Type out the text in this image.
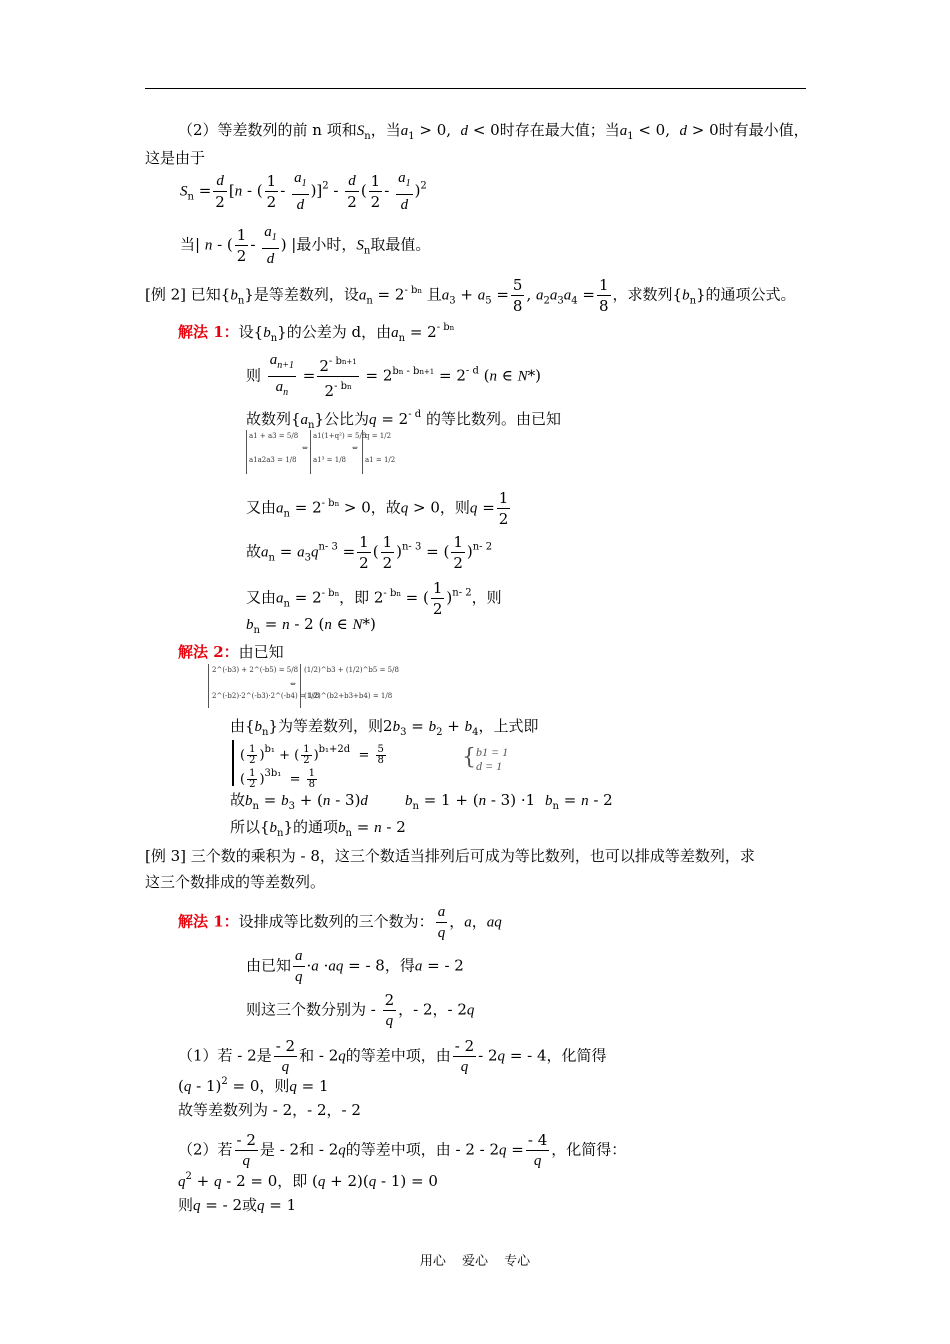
（2）等差数列的前 n 项和$S_n$，当$a_1 > 0$,  d < 0时存在最大值；当$a_1 < 0$,  d > 0时有最小值，
这是由于
$S_n = \frac{d}{2} [n$ - ( $\frac{1}{2} - \frac{a_1}{d} )]^2 - \frac{d}{2}$ ( $\frac{1}{2} - \frac{a_1}{d} )^2$
当| n - ( $\frac{1}{2} - \frac{a_1}{d}$ ) |最小时，$S_n$取最值。
[例 2] 已知$\{b_n\}$是等差数列，设$a_n = 2^{- bn}$ 且$a_3 + a_5 = \frac{5}{8}$ , $a_2a_3a_4 = \frac{1}{8}$ ，求数列$\{b_n\}$的通项公式。
解法 1：设$\{b_n\}$的公差为 d，由$a_n = 2^{- bn}$
则 $\frac{a_{n+1}}{a_n} = \frac{2^{- bn+1}}{2^{- bn}} = 2^{bn - bn+1} = 2^{- d}$ (n ∈ N*)
故数列$\{a_n\}$公比为$q = 2^{- d}$ 的等比数列。由已知
a1 + a3 = 5/8
a1a2a3 = 1/8
⇔
a1(1+q²) = 5/8
a1³ = 1/8
⇔
q = 1/2
a1 = 1/2
又由$a_n = 2^{- bn} > 0$，故q > 0，则$q = \frac{1}{2}$
故$a_n = a_3q^{n- 3} = \frac{1}{2}$ ( $\frac{1}{2} )^{n- 3}$ = ( $\frac{1}{2} )^{n- 2}$
又由$a_n = 2^{- bn}$，即 $2^{- bn}$ = ( $\frac{1}{2} )^{n- 2}$，则
$b_n = n - 2$ (n ∈ N*)
解法 2：由已知
2^(-b3) + 2^(-b5) = 5/8
2^(-b2)·2^(-b3)·2^(-b4) = 1/8
⇔
(1/2)^b3 + (1/2)^b5 = 5/8
(1/2)^(b2+b3+b4) = 1/8
由$\{b_n\}$为等差数列，则$2b_3 = b_2 + b_4$，上式即
( $\frac{1}{2} )^{b_1}$ + ( $\frac{1}{2} )^{b_1+2d} = \frac{5}{8}$
( $\frac{1}{2} )^{3b_1} = \frac{1}{8}$
{ b1 = 1
d = 1
故$b_n = b_3 + (n - 3)d$ $b_n = 1 + (n - 3) \cdot 1$ $b_n = n - 2$
所以$\{b_n\}$的通项$b_n = n - 2$
[例 3] 三个数的乘积为 - 8，这三个数适当排列后可成为等比数列，也可以排成等差数列，求
这三个数排成的等差数列。
解法 1：设排成等比数列的三个数为： $\frac{a}{q}$ ，a，aq
由已知 $\frac{a}{q} \cdot a \cdot aq$ = - 8，得a = - 2
则这三个数分别为 - $\frac{2}{q}$ ，- 2，- 2q
（1）若 - 2是 $\frac{- 2}{q}$ 和 - 2q的等差中项，由 $\frac{- 2}{q} - 2q$ = - 4，化简得
(q - 1)$^2$ = 0，则q = 1
故等差数列为 - 2，- 2，- 2
（2）若 $\frac{- 2}{q}$ 是 - 2和 - 2q的等差中项，由 - $2 - 2q = \frac{- 4}{q}$ ，化简得：
$q^2 + q - 2 = 0$，即 (q + 2)(q - 1) = 0
则q = - 2或q = 1
用心 爱心 专心
